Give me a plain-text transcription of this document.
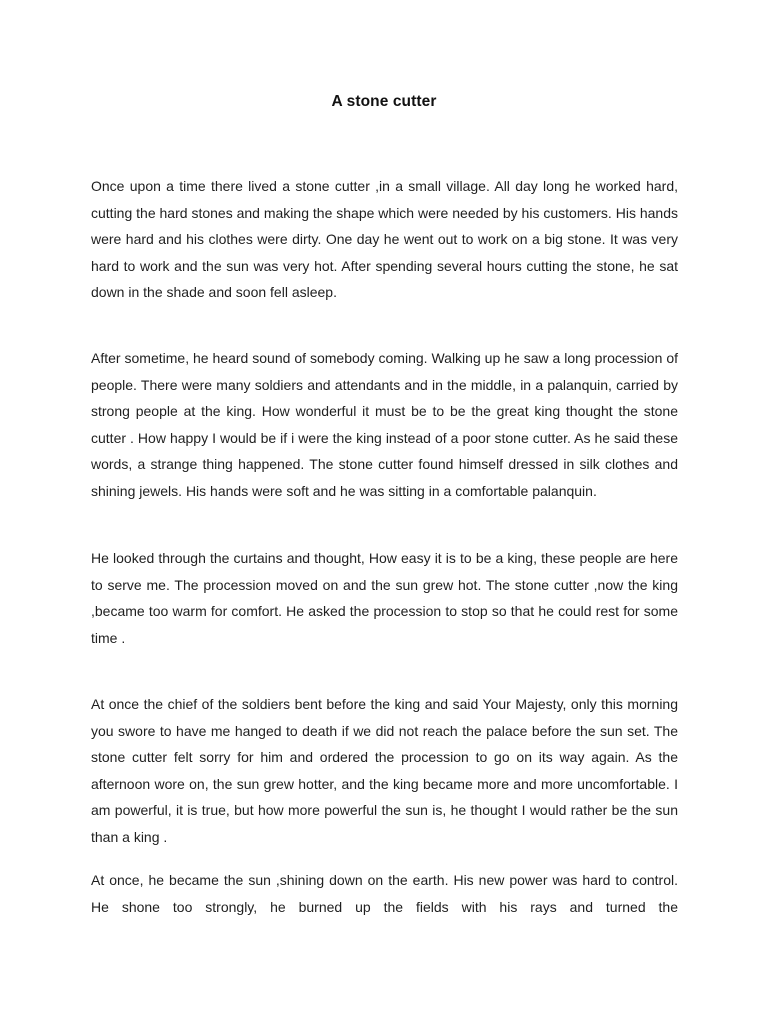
A stone cutter

Once upon a time there lived a stone cutter ,in a small village. All day long he worked hard, cutting the hard stones and making the shape which were needed by his customers. His hands were hard and his clothes were dirty. One day he went out to work on a big stone. It was very hard to work and the sun was very hot. After spending several hours cutting the stone, he sat down in the shade and soon fell asleep.

After sometime, he heard sound of somebody coming. Walking up he saw a long procession of people. There were many soldiers and attendants and in the middle, in a palanquin, carried by strong people at the king. How wonderful it must be to be the great king thought the stone cutter . How happy I would be if i were the king instead of a poor stone cutter. As he said these words, a strange thing happened. The stone cutter found himself dressed in silk clothes and shining jewels. His hands were soft and he was sitting in a comfortable palanquin.

He looked through the curtains and thought, How easy it is to be a king, these people are here to serve me. The procession moved on and the sun grew hot. The stone cutter ,now the king ,became too warm for comfort. He asked the procession to stop so that he could rest for some time .

At once the chief of the soldiers bent before the king and said Your Majesty, only this morning you swore to have me hanged to death if we did not reach the palace before the sun set. The stone cutter felt sorry for him and ordered the procession to go on its way again. As the afternoon wore on, the sun grew hotter, and the king became more and more uncomfortable. I am powerful, it is true, but how more powerful the sun is, he thought I would rather be the sun than a king .

At once, he became the sun ,shining down on the earth. His new power was hard to control. He shone too strongly, he burned up the fields with his rays and turned the
